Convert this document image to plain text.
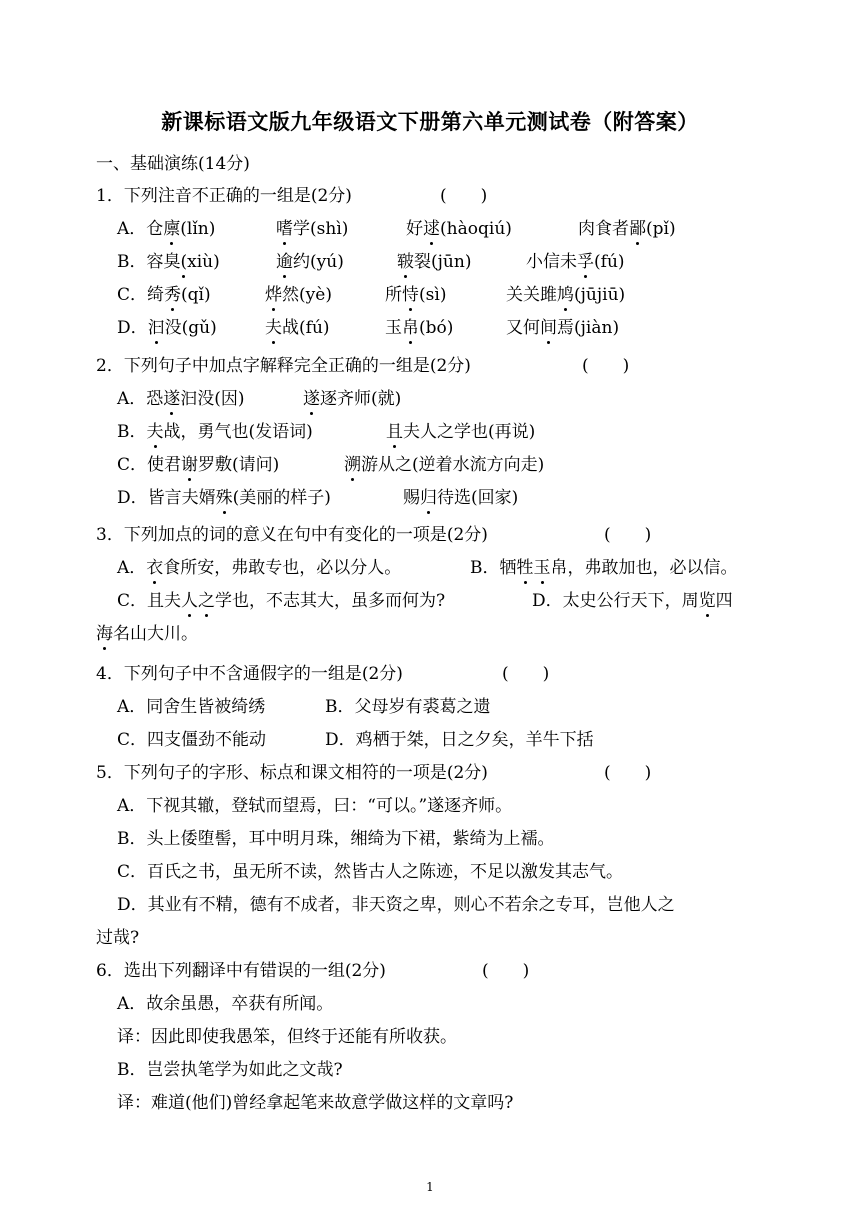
新课标语文版九年级语文下册第六单元测试卷（附答案）
一、基础演练(14分)
1．下列注音不正确的一组是(2分)	(　　)
A．仓廪(lǐn)	嗜学(shì)	好逑(hàoqiú)	肉食者鄙(pǐ)
B．容臭(xiù)	逾约(yú)	皲裂(jūn)	小信未孚(fú)
C．绮秀(qǐ)	烨然(yè)	所恃(sì)	关关雎鸠(jūjiū)
D．汩没(gǔ)	夫战(fú)	玉帛(bó)	又何间焉(jiàn)
2．下列句子中加点字解释完全正确的一组是(2分)	(　　)
A．恐遂汩没(因)	遂逐齐师(就)
B．夫战，勇气也(发语词)	且夫人之学也(再说)
C．使君谢罗敷(请问)	溯游从之(逆着水流方向走)
D．皆言夫婿殊(美丽的样子)	赐归待选(回家)
3．下列加点的词的意义在句中有变化的一项是(2分)	(　　)
A．衣食所安，弗敢专也，必以分人。	B．牺牲玉帛，弗敢加也，必以信。
C．且夫人之学也，不志其大，虽多而何为?	D．太史公行天下，周览四
海名山大川。
4．下列句子中不含通假字的一组是(2分)	(　　)
A．同舍生皆被绮绣	B．父母岁有裘葛之遗
C．四支僵劲不能动	D．鸡栖于桀，日之夕矣，羊牛下括
5．下列句子的字形、标点和课文相符的一项是(2分)	(　　)
A．下视其辙，登轼而望焉，曰：“可以。”遂逐齐师。
B．头上倭堕髻，耳中明月珠，缃绮为下裙，紫绮为上襦。
C．百氏之书，虽无所不读，然皆古人之陈迹，不足以激发其志气。
D．其业有不精，德有不成者，非天资之卑，则心不若余之专耳，岂他人之
过哉?
6．选出下列翻译中有错误的一组(2分)	(　　)
A．故余虽愚，卒获有所闻。
译：因此即使我愚笨，但终于还能有所收获。
B．岂尝执笔学为如此之文哉?
译：难道(他们)曾经拿起笔来故意学做这样的文章吗?
1
